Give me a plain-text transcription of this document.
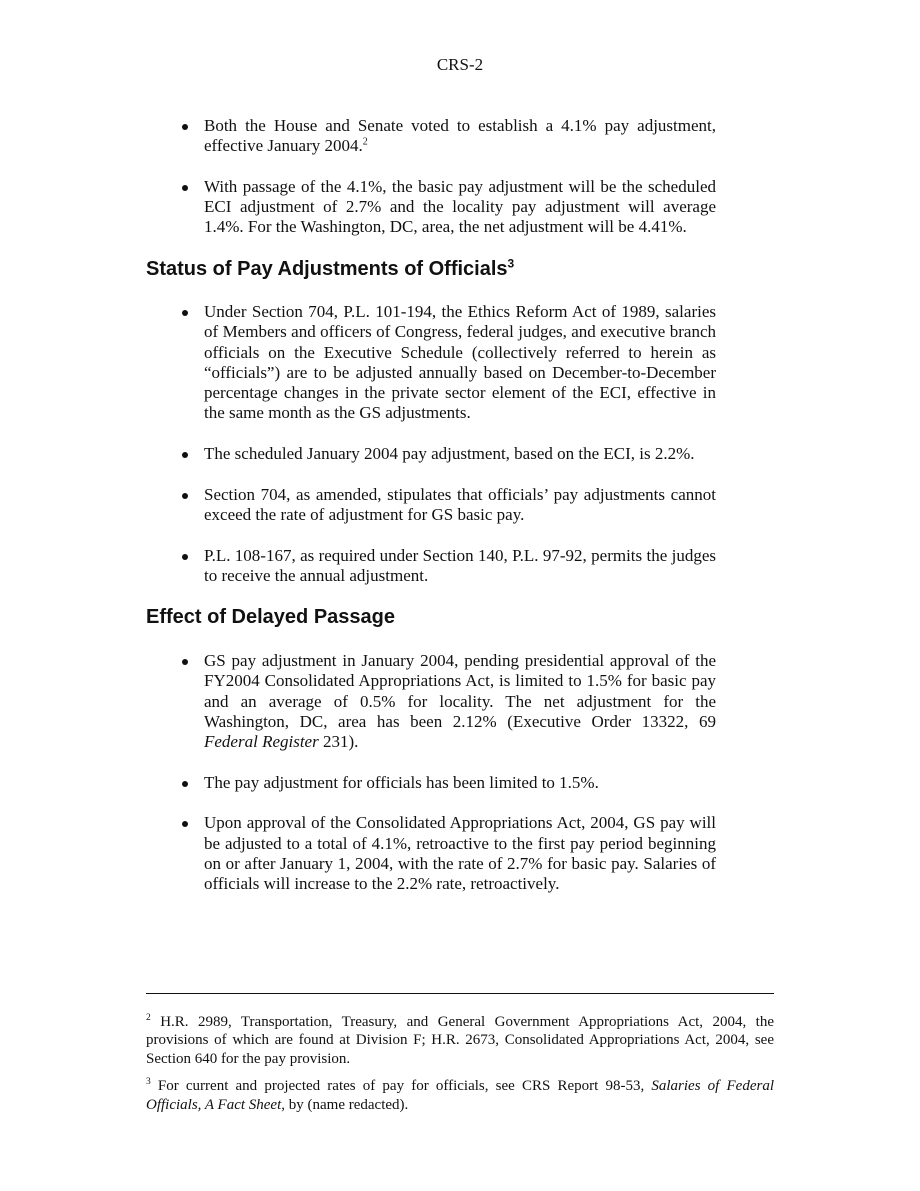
CRS-2
Both the House and Senate voted to establish a 4.1% pay adjustment, effective January 2004.$^2$
With passage of the 4.1%, the basic pay adjustment will be the scheduled ECI adjustment of 2.7% and the locality pay adjustment will average 1.4%. For the Washington, DC, area, the net adjustment will be 4.41%.
Status of Pay Adjustments of Officials$^3$
Under Section 704, P.L. 101-194, the Ethics Reform Act of 1989, salaries of Members and officers of Congress, federal judges, and executive branch officials on the Executive Schedule (collectively referred to herein as “officials”) are to be adjusted annually based on December-to-December percentage changes in the private sector element of the ECI, effective in the same month as the GS adjustments.
The scheduled January 2004 pay adjustment, based on the ECI, is 2.2%.
Section 704, as amended, stipulates that officials’ pay adjustments cannot exceed the rate of adjustment for GS basic pay.
P.L. 108-167, as required under Section 140, P.L. 97-92, permits the judges to receive the annual adjustment.
Effect of Delayed Passage
GS pay adjustment in January 2004, pending presidential approval of the FY2004 Consolidated Appropriations Act, is limited to 1.5% for basic pay and an average of 0.5% for locality. The net adjustment for the Washington, DC, area has been 2.12% (Executive Order 13322, 69 Federal Register 231).
The pay adjustment for officials has been limited to 1.5%.
Upon approval of the Consolidated Appropriations Act, 2004, GS pay will be adjusted to a total of 4.1%, retroactive to the first pay period beginning on or after January 1, 2004, with the rate of 2.7% for basic pay. Salaries of officials will increase to the 2.2% rate, retroactively.

$^2$ H.R. 2989, Transportation, Treasury, and General Government Appropriations Act, 2004, the provisions of which are found at Division F; H.R. 2673, Consolidated Appropriations Act, 2004, see Section 640 for the pay provision.

$^3$ For current and projected rates of pay for officials, see CRS Report 98-53, Salaries of Federal Officials, A Fact Sheet, by (name redacted).
